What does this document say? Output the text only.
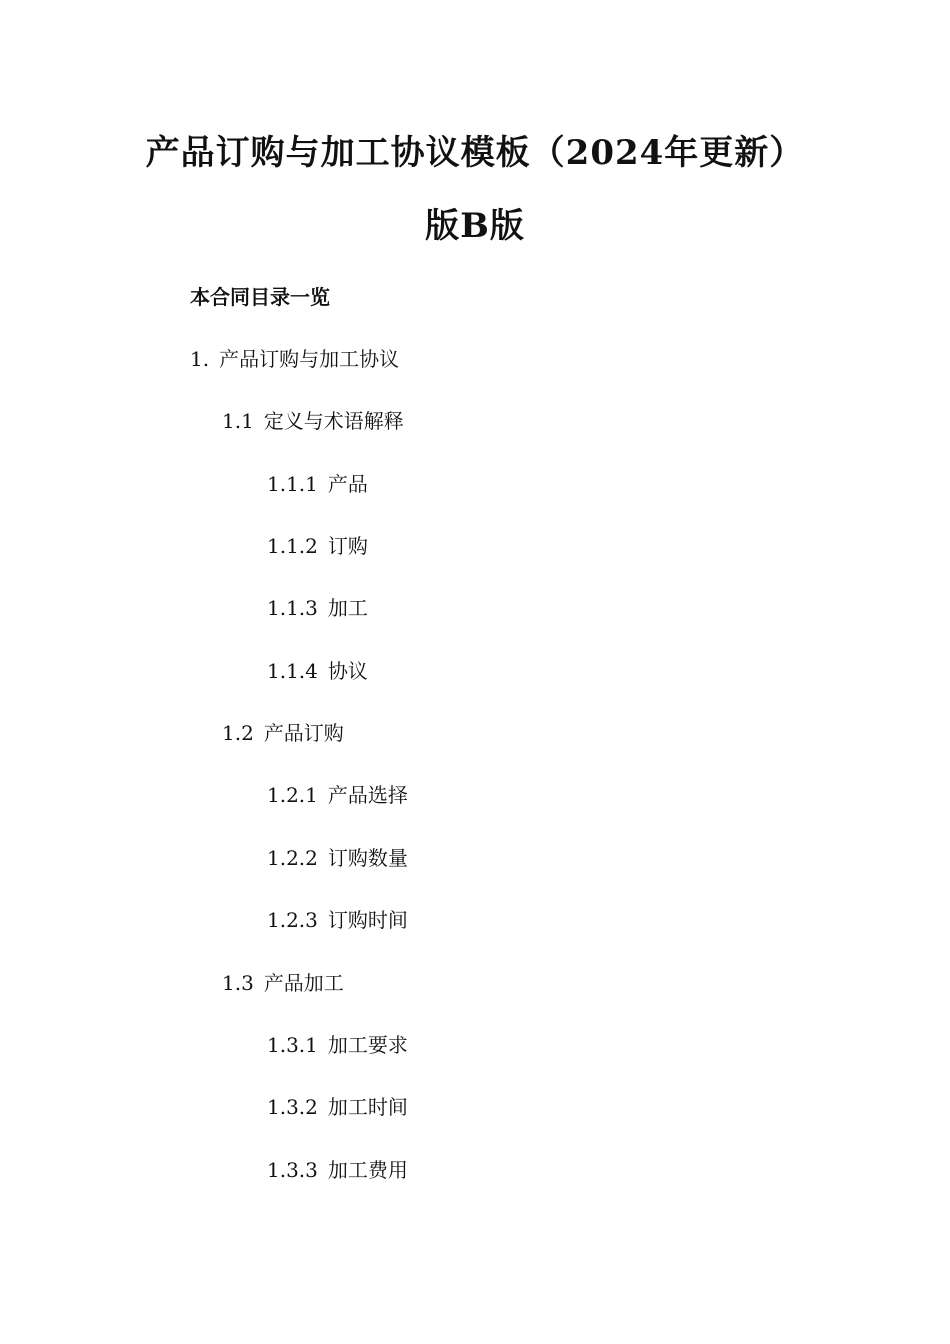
产品订购与加工协议模板（2024年更新）
版B版
本合同目录一览
1. 产品订购与加工协议
1.1 定义与术语解释
1.1.1 产品
1.1.2 订购
1.1.3 加工
1.1.4 协议
1.2 产品订购
1.2.1 产品选择
1.2.2 订购数量
1.2.3 订购时间
1.3 产品加工
1.3.1 加工要求
1.3.2 加工时间
1.3.3 加工费用
